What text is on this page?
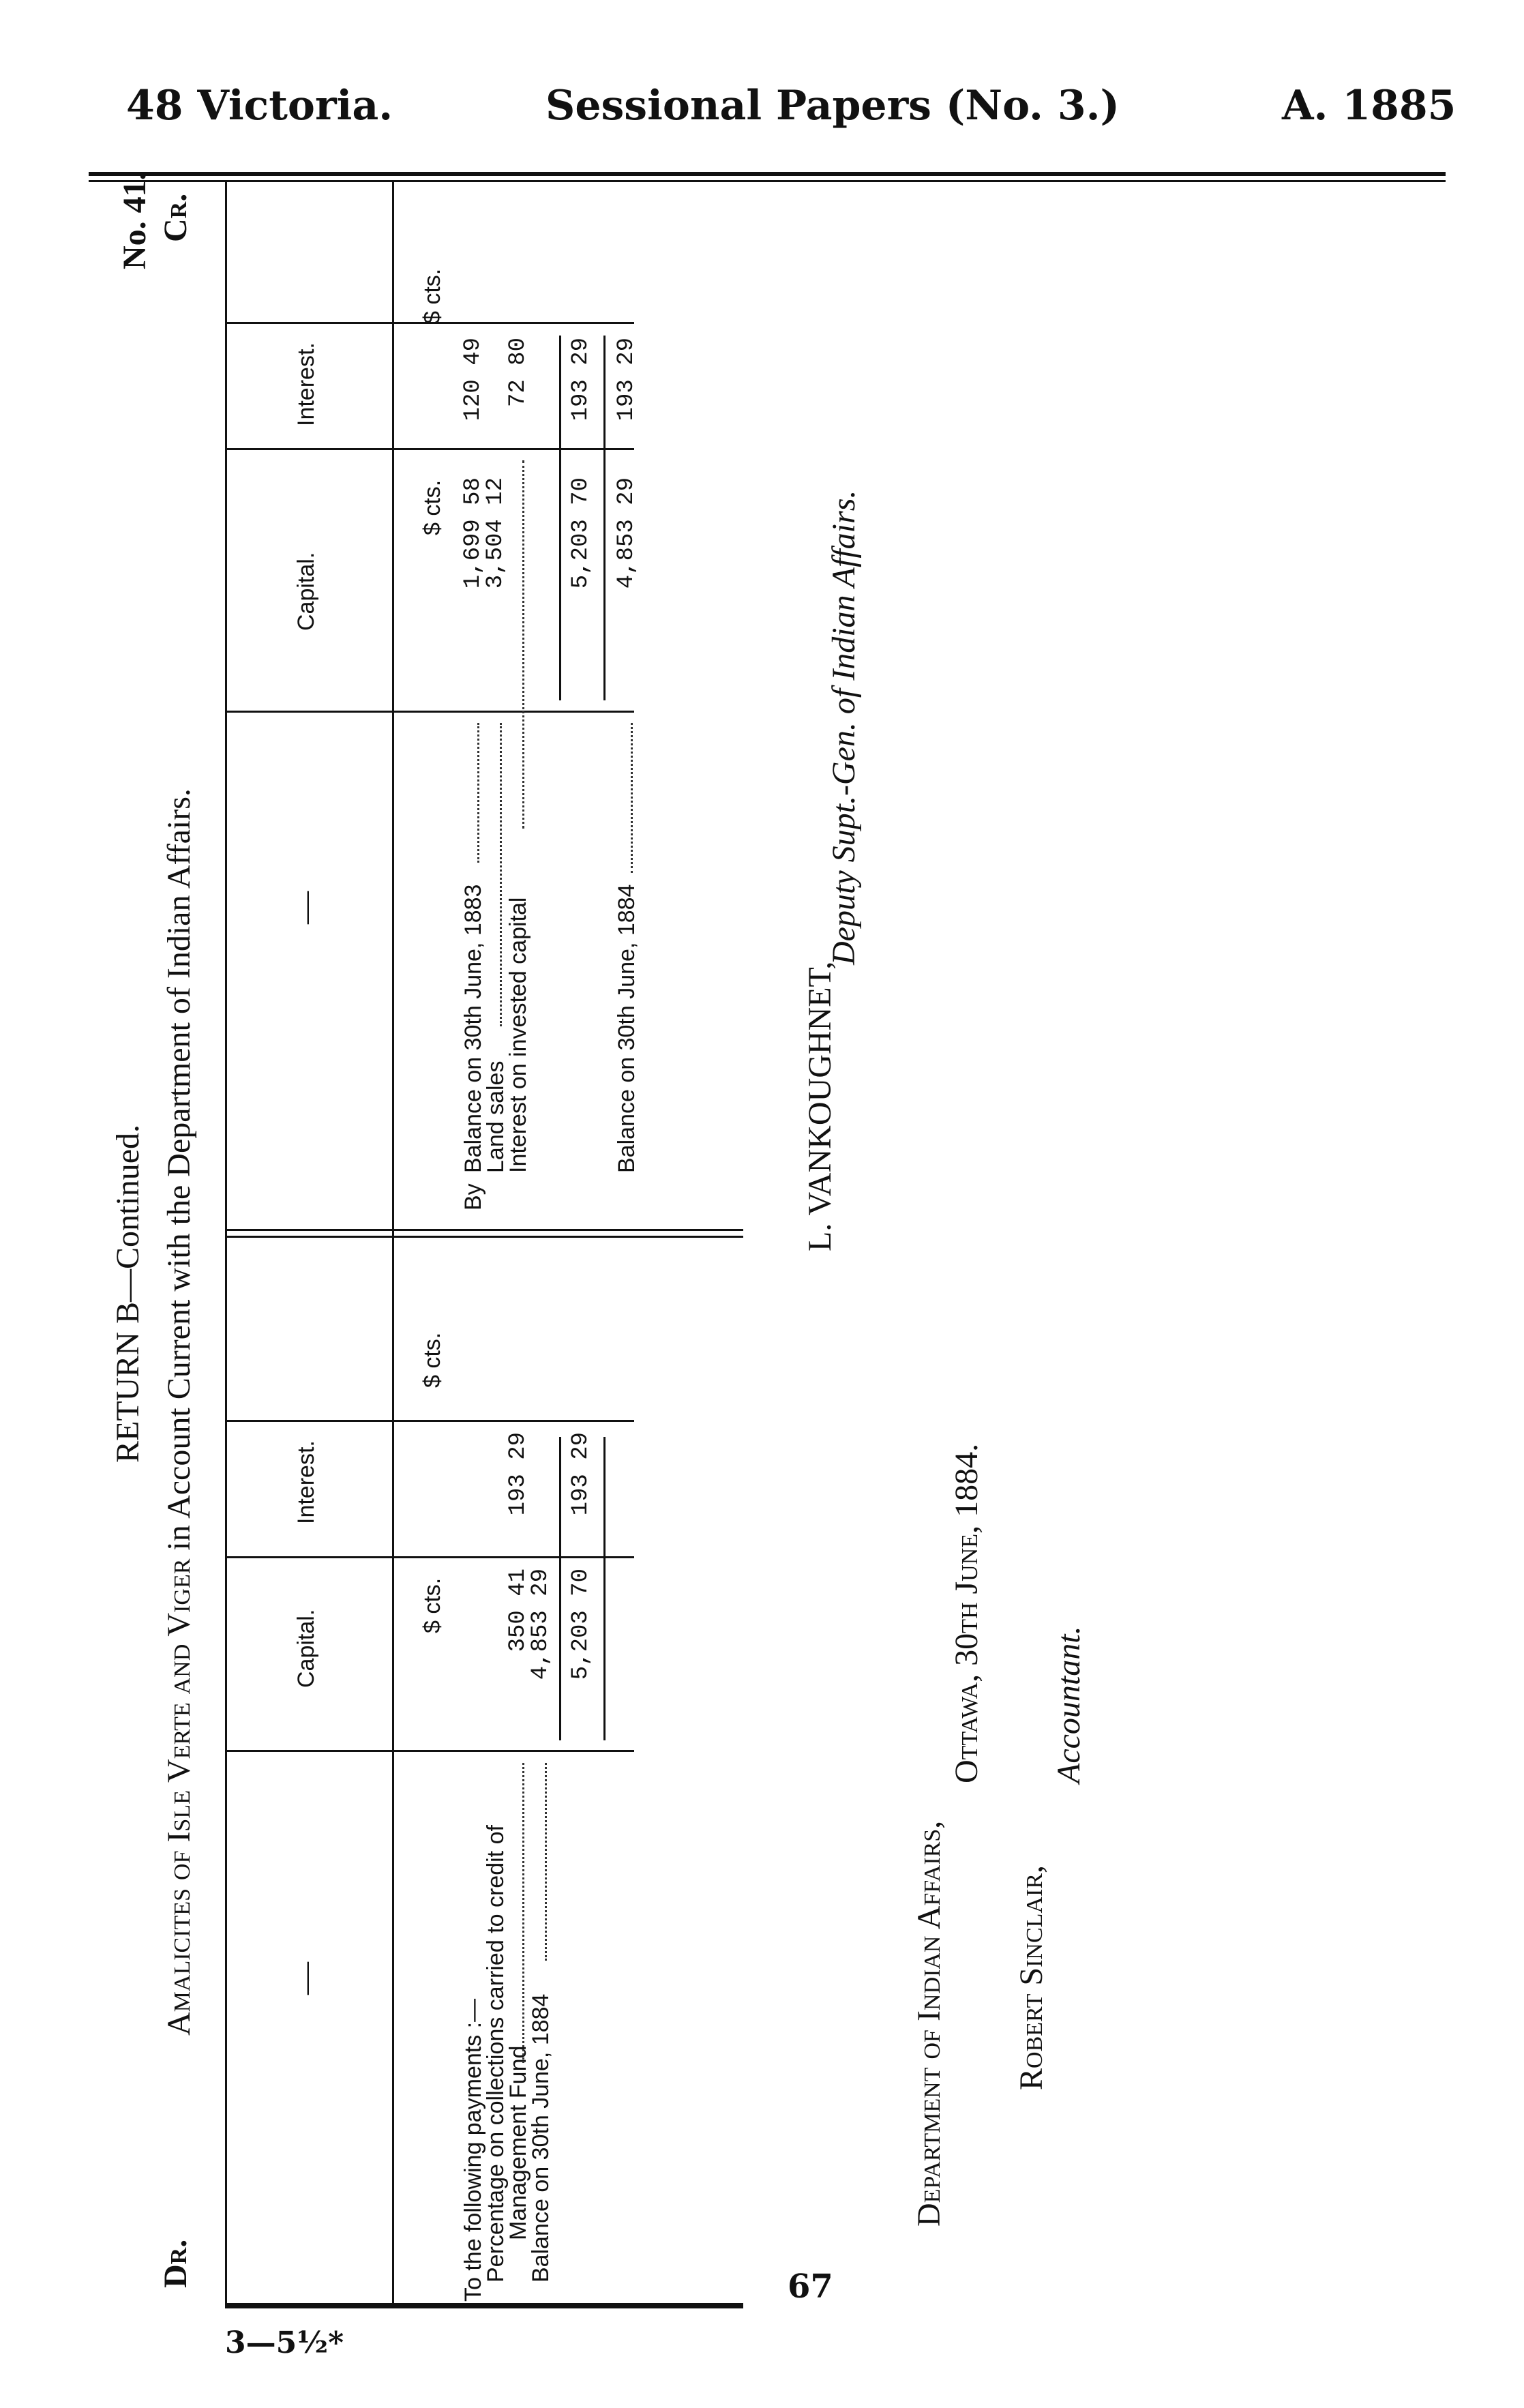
48 Victoria.	Sessional Papers (No. 3.)	A. 1885
RETURN B—Continued.
Amalicites of Isle Verte and Viger in Account Current with the Department of Indian Affairs.
No. 41.
Dr.
Cr.
—
Capital.
Interest.
$ cts.
$ cts.
To the following payments :—
Percentage on collections carried to credit of
Management Fund
Balance on 30th June, 1884
350 41
4,853 29
193 29
5,203 70
193 29
—
Capital.
Interest.
$ cts.
$ cts.
By
Balance on 30th June, 1883
Land sales
Interest on invested capital
1,699 58
3,504 12
120 49 72 80
5,203 70
193 29
Balance on 30th June, 1884
4,853 29
193 29
L. VANKOUGHNET,
Deputy Supt.-Gen. of Indian Affairs.
Department of Indian Affairs,
Ottawa, 30th June, 1884.
Robert Sinclair,
Accountant.
67
3—5½*
